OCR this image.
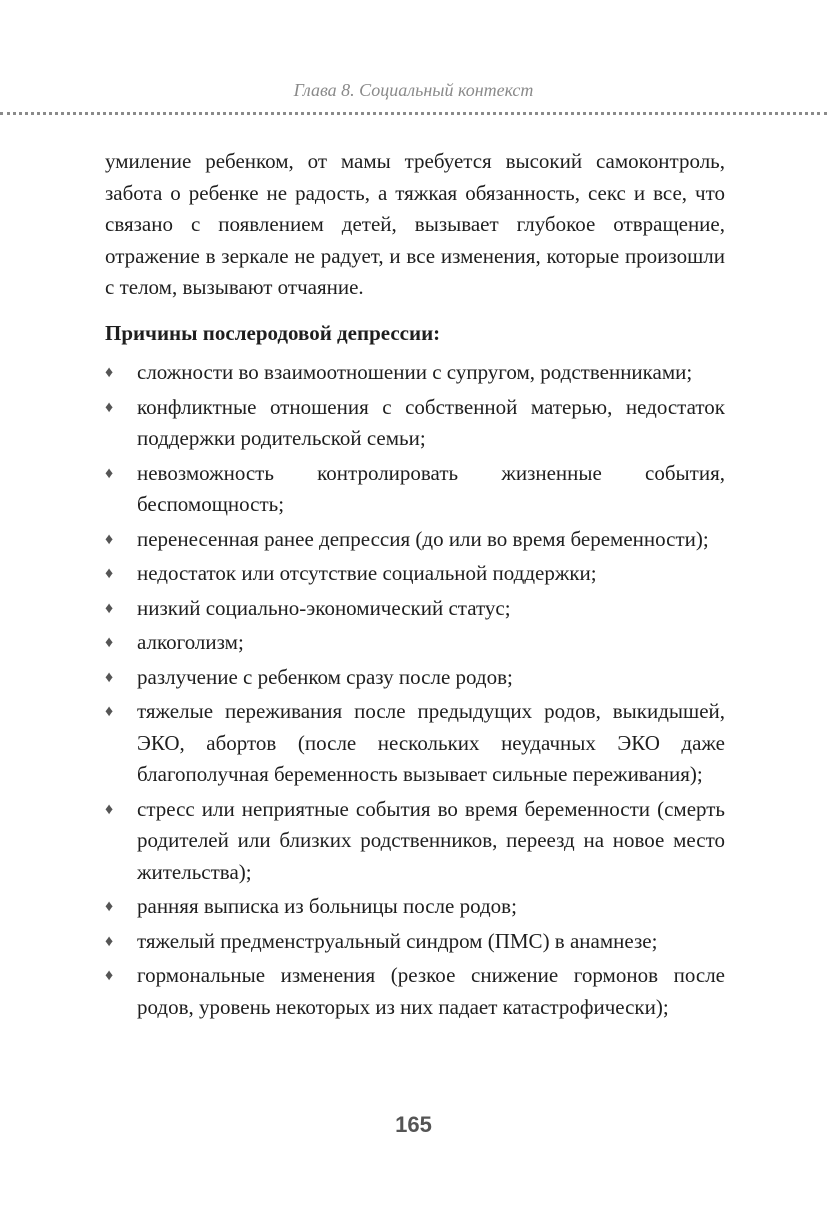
Глава 8. Социальный контекст

умиление ребенком, от мамы требуется высокий самоконтроль, забота о ребенке не радость, а тяжкая обязанность, секс и все, что связано с появлением детей, вызывает глубокое отвращение, отражение в зеркале не радует, и все изменения, которые произошли с телом, вызывают отчаяние.

Причины послеродовой депрессии:
♦ сложности во взаимоотношении с супругом, родственниками;
♦ конфликтные отношения с собственной матерью, недостаток поддержки родительской семьи;
♦ невозможность контролировать жизненные события, беспомощность;
♦ перенесенная ранее депрессия (до или во время беременности);
♦ недостаток или отсутствие социальной поддержки;
♦ низкий социально-экономический статус;
♦ алкоголизм;
♦ разлучение с ребенком сразу после родов;
♦ тяжелые переживания после предыдущих родов, выкидышей, ЭКО, абортов (после нескольких неудачных ЭКО даже благополучная беременность вызывает сильные переживания);
♦ стресс или неприятные события во время беременности (смерть родителей или близких родственников, переезд на новое место жительства);
♦ ранняя выписка из больницы после родов;
♦ тяжелый предменструальный синдром (ПМС) в анамнезе;
♦ гормональные изменения (резкое снижение гормонов после родов, уровень некоторых из них падает катастрофически);
165
